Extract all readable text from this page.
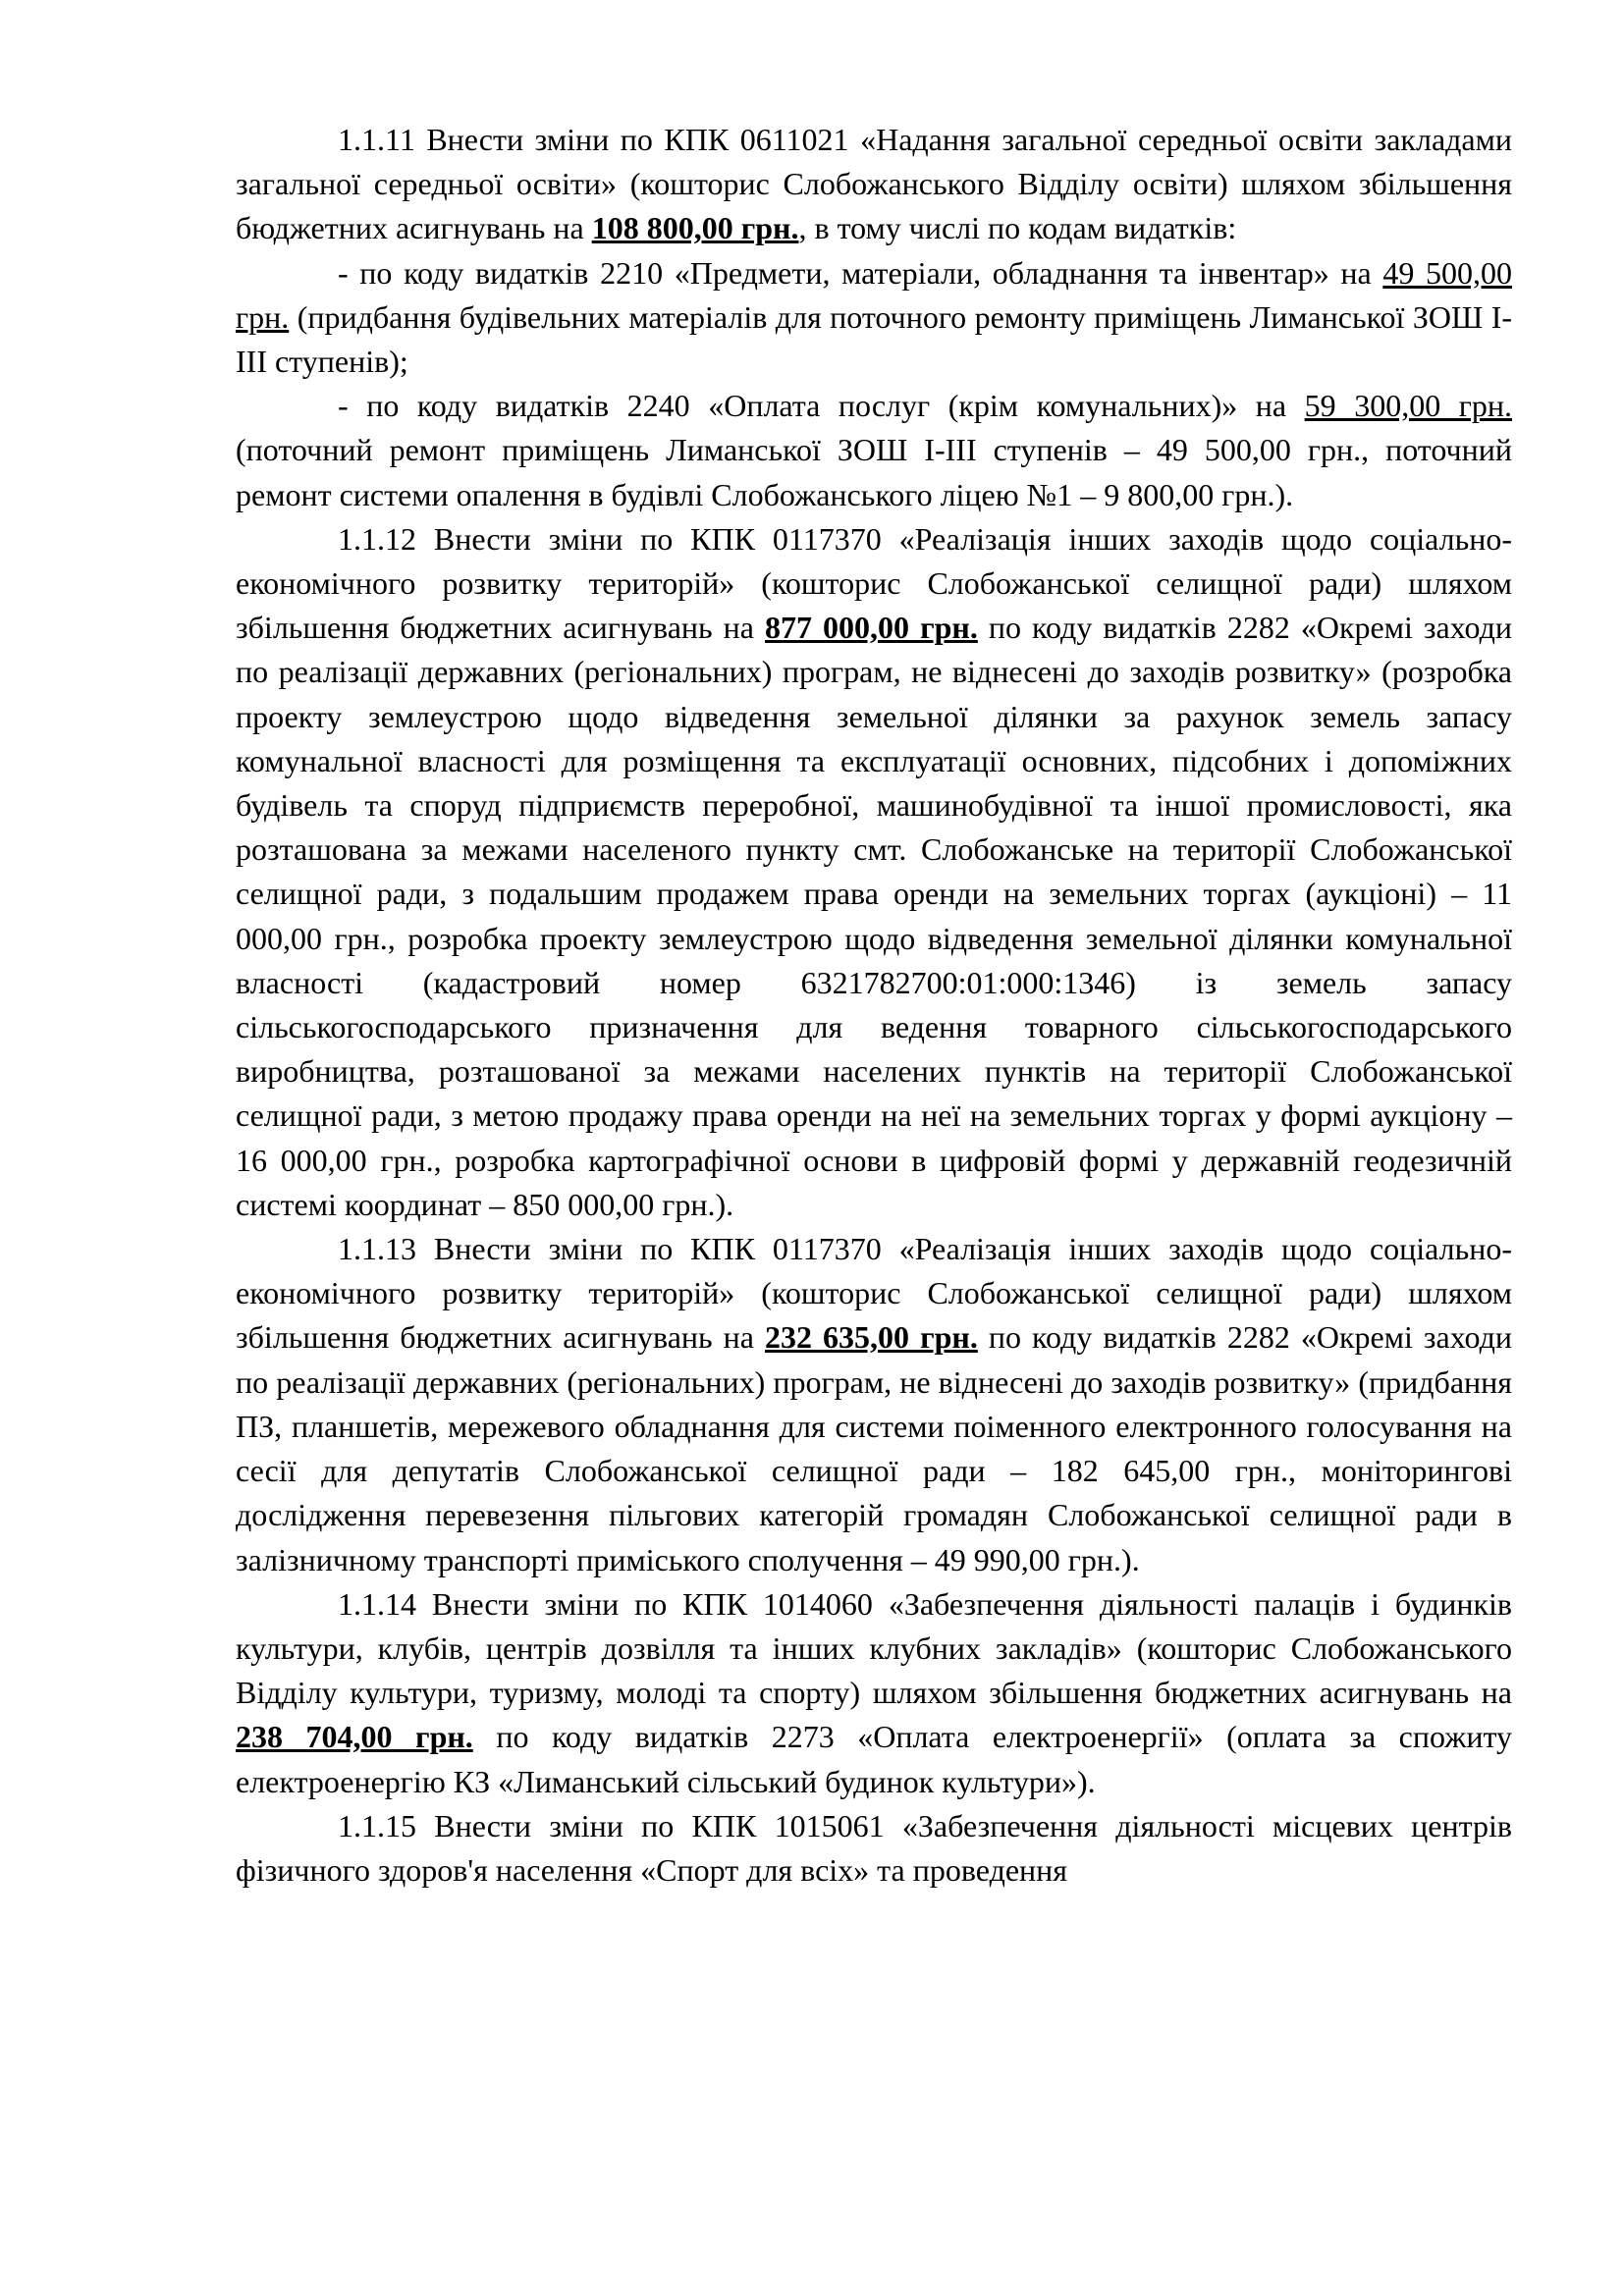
1.1.11 Внести зміни по КПК 0611021 «Надання загальної середньої освіти закладами загальної середньої освіти» (кошторис Слобожанського Відділу освіти) шляхом збільшення бюджетних асигнувань на 108 800,00 грн., в тому числі по кодам видатків:

- по коду видатків 2210 «Предмети, матеріали, обладнання та інвентар» на 49 500,00 грн. (придбання будівельних матеріалів для поточного ремонту приміщень Лиманської ЗОШ І-ІІІ ступенів);

- по коду видатків 2240 «Оплата послуг (крім комунальних)» на 59 300,00 грн. (поточний ремонт приміщень Лиманської ЗОШ І-ІІІ ступенів – 49 500,00 грн., поточний ремонт системи опалення в будівлі Слобожанського ліцею №1 – 9 800,00 грн.).

1.1.12 Внести зміни по КПК 0117370 «Реалізація інших заходів щодо соціально-економічного розвитку територій» (кошторис Слобожанської селищної ради) шляхом збільшення бюджетних асигнувань на 877 000,00 грн. по коду видатків 2282 «Окремі заходи по реалізації державних (регіональних) програм, не віднесені до заходів розвитку» (розробка проекту землеустрою щодо відведення земельної ділянки за рахунок земель запасу комунальної власності для розміщення та експлуатації основних, підсобних і допоміжних будівель та споруд підприємств переробної, машинобудівної та іншої промисловості, яка розташована за межами населеного пункту смт. Слобожанське на території Слобожанської селищної ради, з подальшим продажем права оренди на земельних торгах (аукціоні) – 11 000,00 грн., розробка проекту землеустрою щодо відведення земельної ділянки комунальної власності (кадастровий номер 6321782700:01:000:1346) із земель запасу сільськогосподарського призначення для ведення товарного сільськогосподарського виробництва, розташованої за межами населених пунктів на території Слобожанської селищної ради, з метою продажу права оренди на неї на земельних торгах у формі аукціону – 16 000,00 грн., розробка картографічної основи в цифровій формі у державній геодезичній системі координат – 850 000,00 грн.).

1.1.13 Внести зміни по КПК 0117370 «Реалізація інших заходів щодо соціально-економічного розвитку територій» (кошторис Слобожанської селищної ради) шляхом збільшення бюджетних асигнувань на 232 635,00 грн. по коду видатків 2282 «Окремі заходи по реалізації державних (регіональних) програм, не віднесені до заходів розвитку» (придбання ПЗ, планшетів, мережевого обладнання для системи поіменного електронного голосування на сесії для депутатів Слобожанської селищної ради – 182 645,00 грн., моніторингові дослідження перевезення пільгових категорій громадян Слобожанської селищної ради в залізничному транспорті приміського сполучення – 49 990,00 грн.).

1.1.14 Внести зміни по КПК 1014060 «Забезпечення діяльності палаців і будинків культури, клубів, центрів дозвілля та інших клубних закладів» (кошторис Слобожанського Відділу культури, туризму, молоді та спорту) шляхом збільшення бюджетних асигнувань на 238 704,00 грн. по коду видатків 2273 «Оплата електроенергії» (оплата за спожиту електроенергію КЗ «Лиманський сільський будинок культури»).

1.1.15 Внести зміни по КПК 1015061 «Забезпечення діяльності місцевих центрів фізичного здоров'я населення «Спорт для всіх» та проведення
